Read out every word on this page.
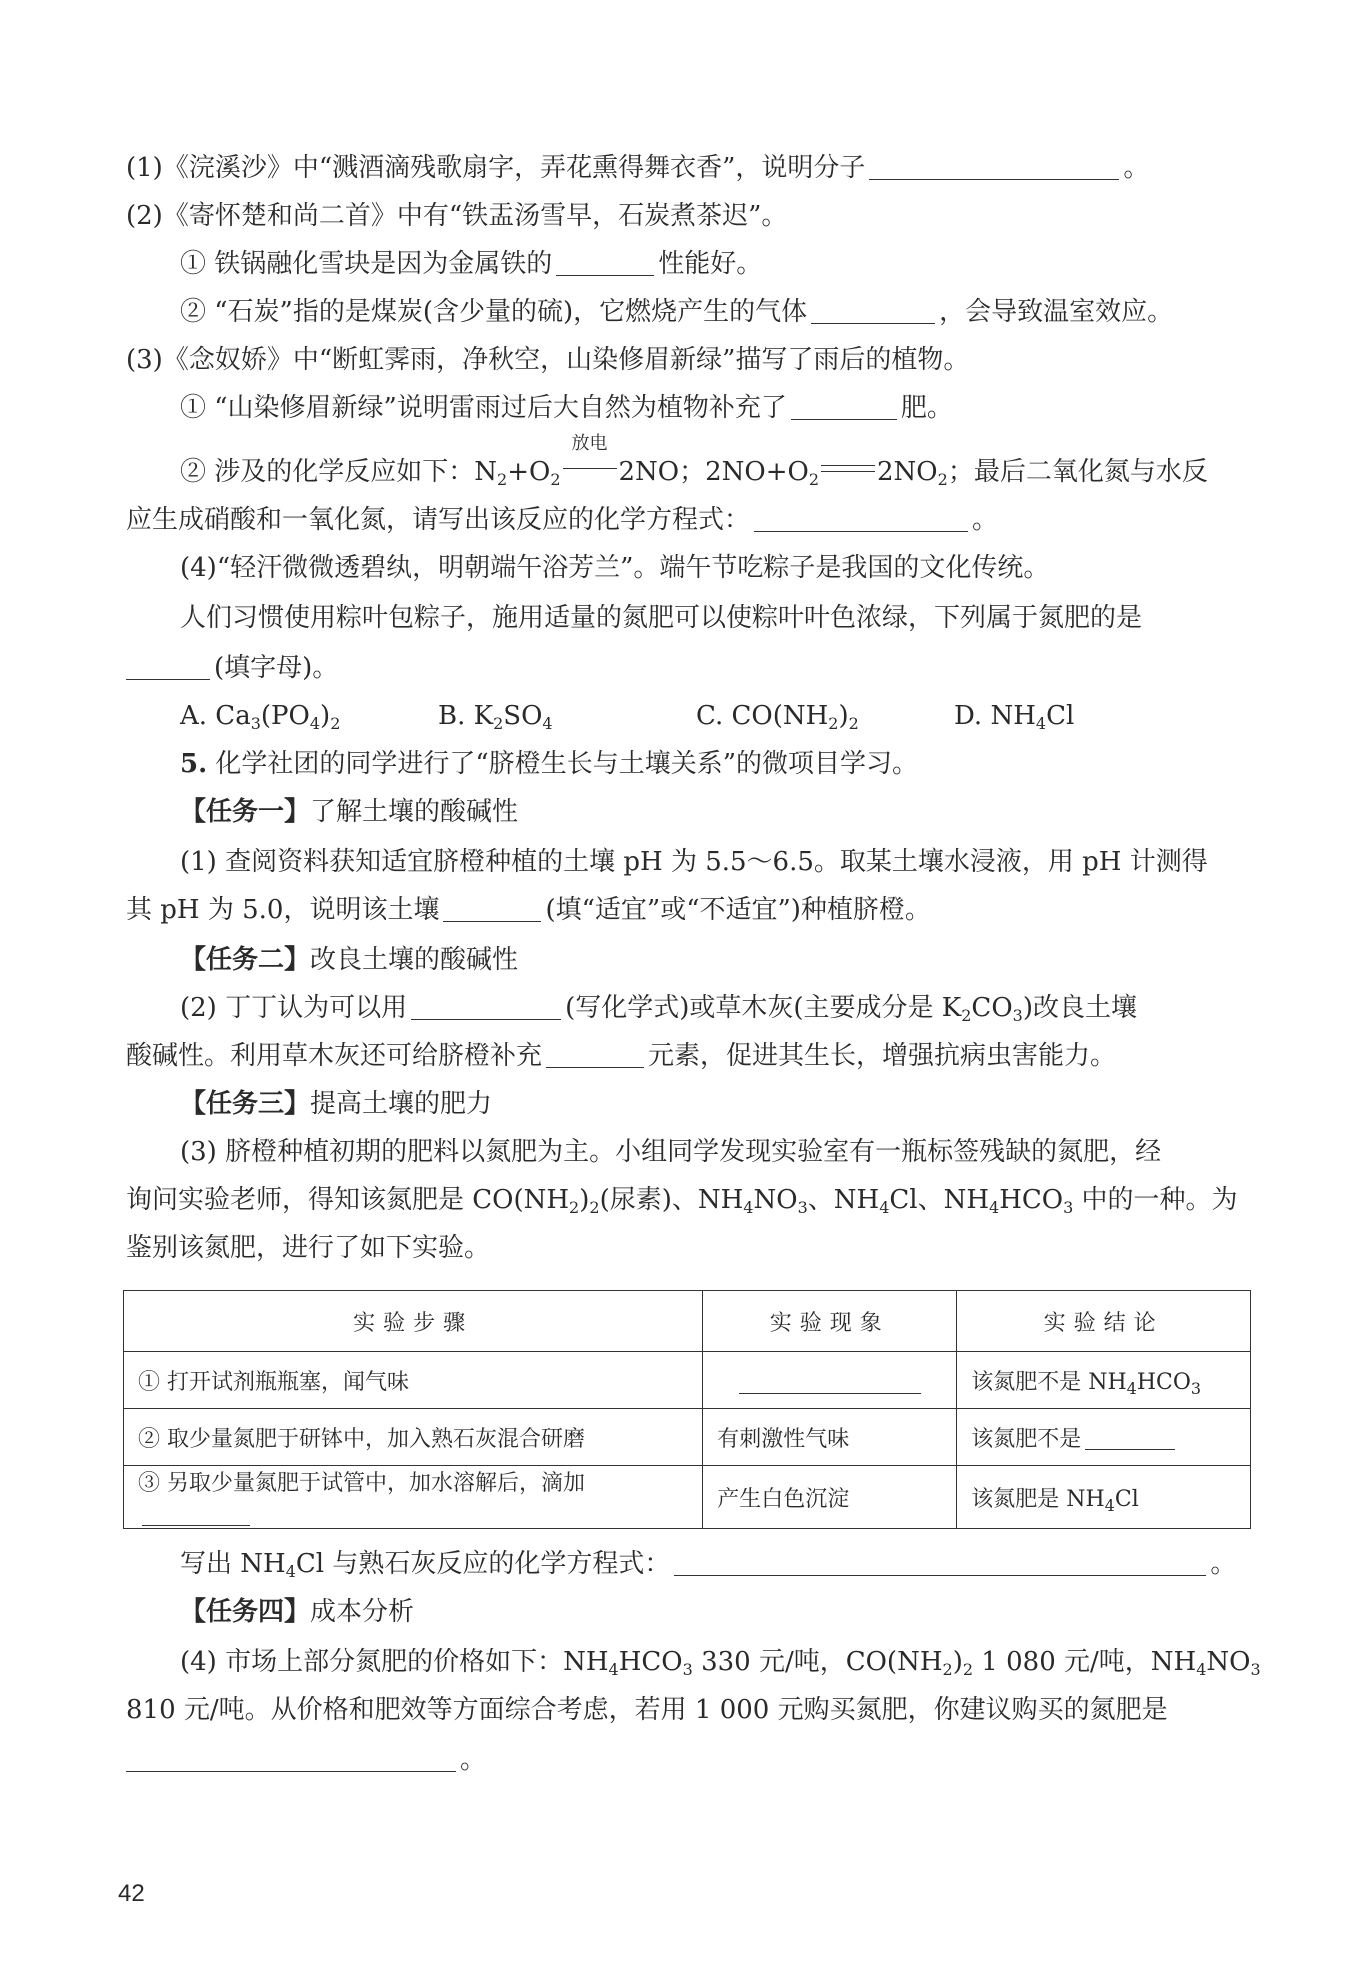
(1)《浣溪沙》中“溅酒滴残歌扇字，弄花熏得舞衣香”，说明分子	。
(2)《寄怀楚和尚二首》中有“铁盂汤雪早，石炭煮茶迟”。
① 铁锅融化雪块是因为金属铁的	性能好。
② “石炭”指的是煤炭(含少量的硫)，它燃烧产生的气体	，会导致温室效应。
(3)《念奴娇》中“断虹霁雨，净秋空，山染修眉新绿”描写了雨后的植物。
① “山染修眉新绿”说明雷雨过后大自然为植物补充了	肥。
② 涉及的化学反应如下：$N_2+O_2$
放电
2NO；$2NO+O_2$ $2NO_2$；最后二氧化氮与水反
应生成硝酸和一氧化氮，请写出该反应的化学方程式：	。
(4)“轻汗微微透碧纨，明朝端午浴芳兰”。端午节吃粽子是我国的文化传统。
人们习惯使用粽叶包粽子，施用适量的氮肥可以使粽叶叶色浓绿，下列属于氮肥的是
(填字母)。
A. $Ca_3(PO_4)_2$	B. $K_2SO_4$	C. $CO(NH_2)_2$	D. $NH_4Cl$
5. 化学社团的同学进行了“脐橙生长与土壤关系”的微项目学习。
【任务一】了解土壤的酸碱性
(1) 查阅资料获知适宜脐橙种植的土壤 pH 为 5.5～6.5。取某土壤水浸液，用 pH 计测得
其 pH 为 5.0，说明该土壤	(填“适宜”或“不适宜”)种植脐橙。
【任务二】改良土壤的酸碱性
(2) 丁丁认为可以用	(写化学式)或草木灰(主要成分是 $K_2CO_3$)改良土壤
酸碱性。利用草木灰还可给脐橙补充	元素，促进其生长，增强抗病虫害能力。
【任务三】提高土壤的肥力
(3) 脐橙种植初期的肥料以氮肥为主。小组同学发现实验室有一瓶标签残缺的氮肥，经
询问实验老师，得知该氮肥是 $CO(NH_2)_2$(尿素)、$NH_4NO_3$、$NH_4Cl$、$NH_4HCO_3$ 中的一种。为
鉴别该氮肥，进行了如下实验。
实验步骤	实验现象	实验结论
① 打开试剂瓶瓶塞，闻气味		该氮肥不是 $NH_4HCO_3$
② 取少量氮肥于研钵中，加入熟石灰混合研磨	有刺激性气味	该氮肥不是
③ 另取少量氮肥于试管中，加水溶解后，滴加	产生白色沉淀	该氮肥是 $NH_4Cl$
写出 $NH_4Cl$ 与熟石灰反应的化学方程式：	。
【任务四】成本分析
(4) 市场上部分氮肥的价格如下：$NH_4HCO_3$ 330 元/吨，$CO(NH_2)_2$ 1 080 元/吨，$NH_4NO_3$
810 元/吨。从价格和肥效等方面综合考虑，若用 1 000 元购买氮肥，你建议购买的氮肥是
。
42
